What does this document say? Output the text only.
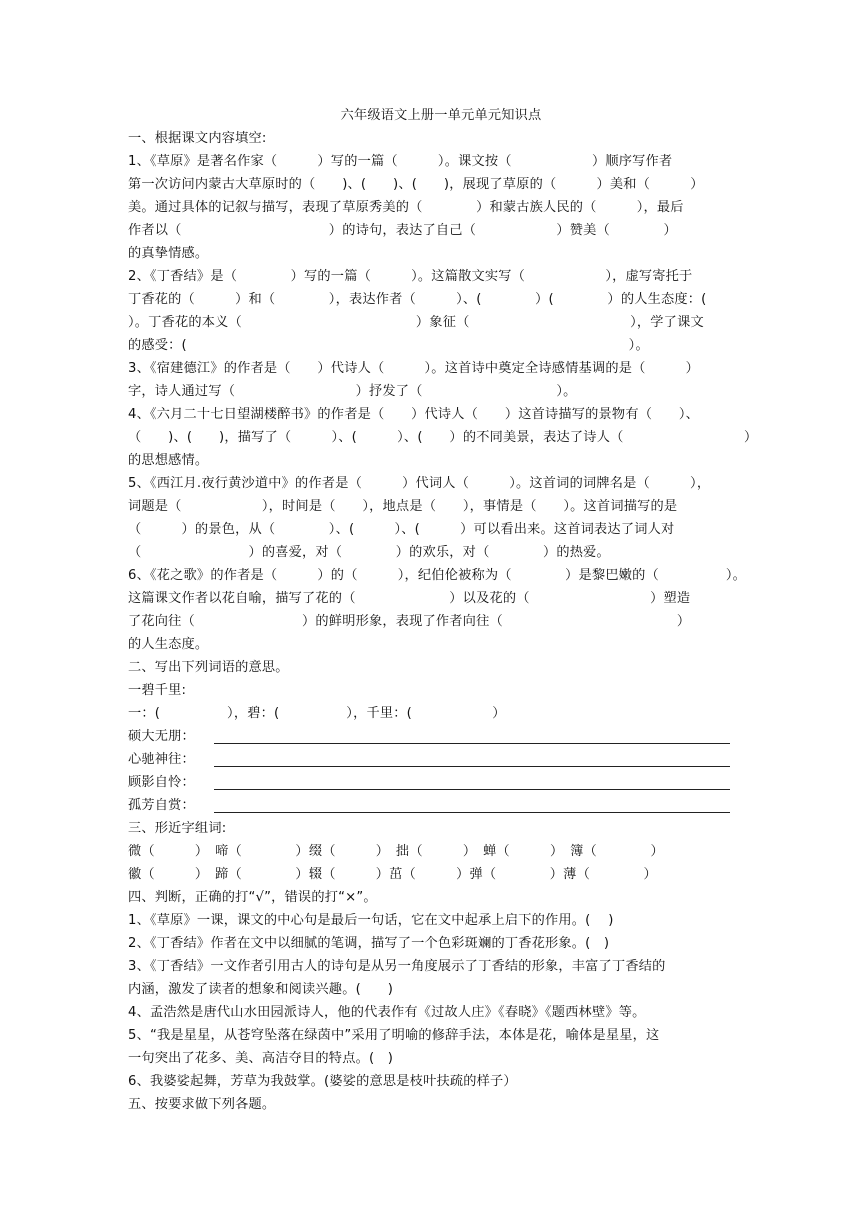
六年级语文上册一单元单元知识点
一、根据课文内容填空:
1、《草原》是著名作家（　　　）写的一篇（　　　）。课文按（　　　　　　）顺序写作者
第一次访问内蒙古大草原时的（　　)、(　　)、(　　)，展现了草原的（　　　）美和（　　　）
美。通过具体的记叙与描写，表现了草原秀美的（　　　　）和蒙古族人民的（　　　），最后
作者以（　　　　　　　　　　　）的诗句，表达了自己（　　　　　　）赞美（　　　　）
的真挚情感。
2、《丁香结》是（　　　　）写的一篇（　　　）。这篇散文实写（　　　　　　），虚写寄托于
丁香花的（　　　）和（　　　　），表达作者（　　　）、(　　　　）(　　　　）的人生态度：(
）。丁香花的本义（　　　　　　　　　　　　　）象征（　　　　　　　　　　　　），学了课文
的感受：(　　　　　　　　　　　　　　　　　　　　　　　　　　　　　　　　　）。
3、《宿建德江》的作者是（　　）代诗人（　　　）。这首诗中奠定全诗感情基调的是（　　　）
字，诗人通过写（　　　　　　　　　）抒发了（　　　　　　　　　　）。
4、《六月二十七日望湖楼醉书》的作者是（　　）代诗人（　　）这首诗描写的景物有（　　）、
（　　)、(　　)，描写了（　　　）、(　　　）、(　　）的不同美景，表达了诗人（　　　　　　　　　）
的思想感情。
5、《西江月.夜行黄沙道中》的作者是（　　　）代词人（　　　）。这首词的词牌名是（　　　），
词题是（　　　　　　），时间是（　　），地点是（　　），事情是（　　）。这首词描写的是
（　　　）的景色，从（　　　　）、(　　　）、(　　　）可以看出来。这首词表达了词人对
（　　　　　　　　）的喜爱，对（　　　　）的欢乐，对（　　　　）的热爱。
6、《花之歌》的作者是（　　　）的（　　　），纪伯伦被称为（　　　　）是黎巴嫩的（　　　　　）。
这篇课文作者以花自喻，描写了花的（　　　　　　　）以及花的（　　　　　　　　　）塑造
了花向往（　　　　　　　　）的鲜明形象，表现了作者向往（　　　　　　　　　　　　　）
的人生态度。
二、写出下列词语的意思。
一碧千里:
一：(　　　　　），碧：(　　　　　），千里：(　　　　　　）
硕大无朋：
心驰神往：
顾影自怜：
孤芳自赏：
三、形近字组词:
微（　　　）　啼（　　　　）缀（　　　）　拙（　　　）　蝉（　　　）　簿（　　　　）
徽（　　　）　蹄（　　　　）辍（　　　）茁（　　　）弹（　　　　）薄（　　　　）
四、判断，正确的打“√”，错误的打“×”。
1、《草原》一课，课文的中心句是最后一句话，它在文中起承上启下的作用。(　 )
2、《丁香结》作者在文中以细腻的笔调，描写了一个色彩斑斓的丁香花形象。(　)
3、《丁香结》一文作者引用古人的诗句是从另一角度展示了丁香结的形象，丰富了丁香结的
内涵，激发了读者的想象和阅读兴趣。(　　)
4、孟浩然是唐代山水田园派诗人，他的代表作有《过故人庄》《春晓》《题西林壁》等。
5、“我是星星，从苍穹坠落在绿茵中”采用了明喻的修辞手法，本体是花，喻体是星星，这
一句突出了花多、美、高洁夺目的特点。(　)
6、我婆娑起舞，芳草为我鼓掌。(婆娑的意思是枝叶扶疏的样子）
五、按要求做下列各题。
